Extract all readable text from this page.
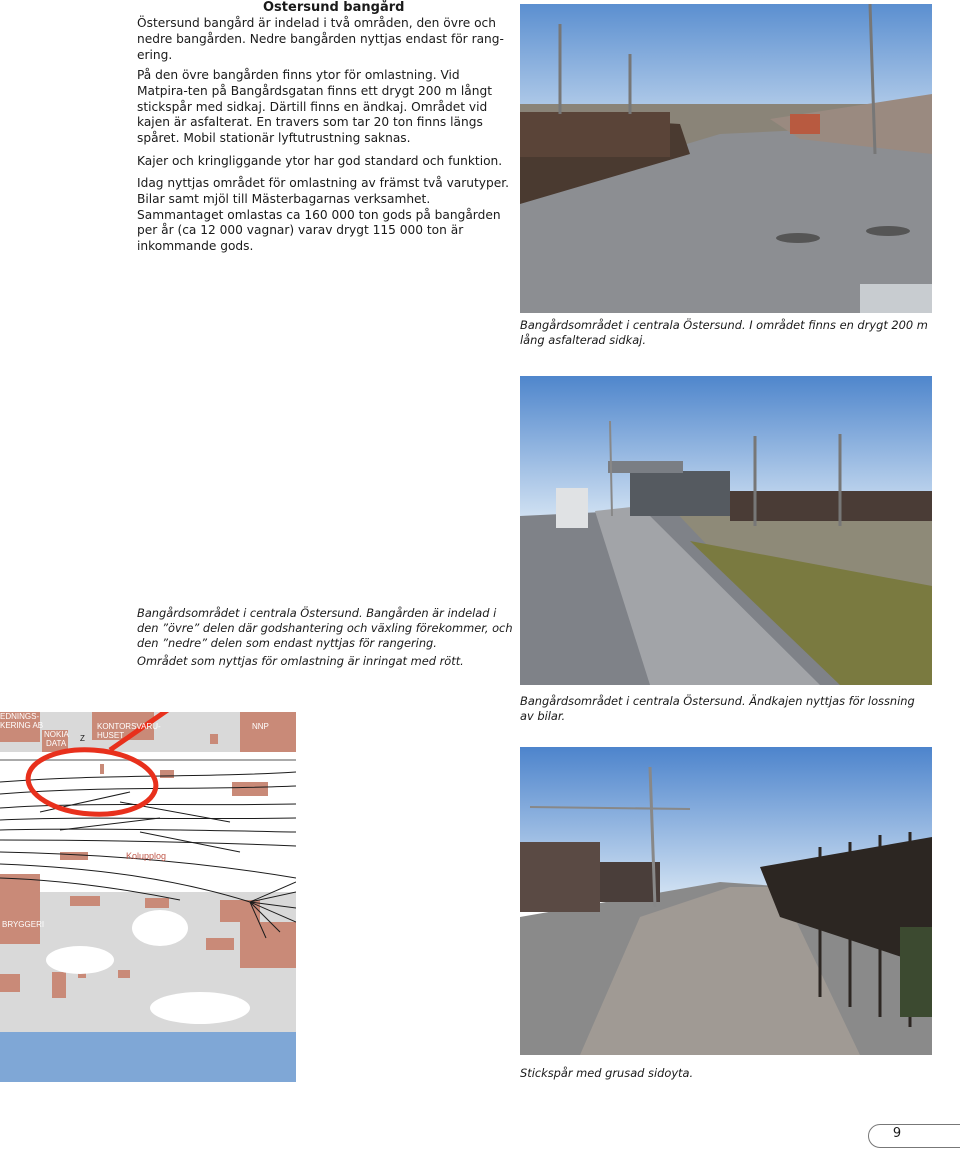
Östersund bangård
Östersund bangård är indelad i två områden, den övre och nedre bangården. Nedre bangården nyttjas endast för rang-ering.
På den övre bangården finns ytor för omlastning. Vid Matpira-ten på Bangårdsgatan finns ett drygt 200 m långt stickspår med sidkaj. Därtill finns en ändkaj. Området vid kajen är asfalterat. En travers som tar 20 ton finns längs spåret. Mobil stationär lyftutrustning saknas.
Kajer och kringliggande ytor har god standard och funktion.
Idag nyttjas området för omlastning av främst två varutyper. Bilar samt mjöl till Mästerbagarnas verksamhet. Sammantaget omlastas ca 160 000 ton gods på bangården per år (ca 12 000 vagnar) varav drygt 115 000 ton är inkommande gods.
Bangårdsområdet i centrala Östersund. I området finns en drygt 200 m lång asfalterad sidkaj.
Bangårdsområdet i centrala Östersund. Bangården är indelad i den ”övre” delen där godshantering och växling förekommer, och den ”nedre” delen som endast nyttjas för rangering.
Området som nyttjas för omlastning är inringat med rött.
Bangårdsområdet i centrala Östersund. Ändkajen nyttjas för lossning av bilar.
EDNINGS-
KERING AB
NOKIA
DATA
Z
KONTORSVARU-
HUSET
NNP
Kolupplog
BRYGGERI
Stickspår med grusad sidoyta.
9
